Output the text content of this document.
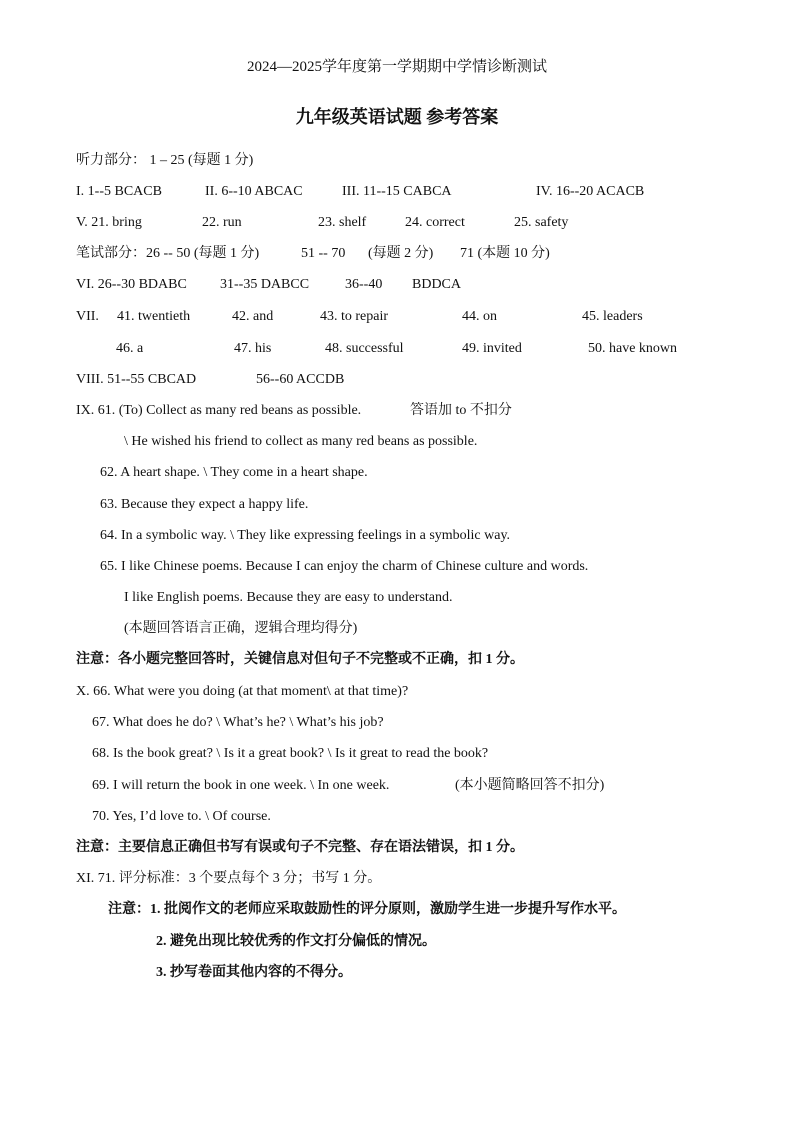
2024—2025学年度第一学期期中学情诊断测试
九年级英语试题 参考答案
听力部分： 1 – 25 (每题 1 分)
I. 1--5 BCACB	II. 6--10 ABCAC	III. 11--15 CABCA	IV. 16--20 ACACB
V. 21. bring	22. run	23. shelf	24. correct	25. safety
笔试部分：26 -- 50 (每题 1 分)	51 -- 70 (每题 2 分) 71 (本题 10 分)
VI. 26--30 BDABC 31--35 DABCC	36--40 BDDCA
VII. 41. twentieth	42. and	43. to repair	44. on	45. leaders
46. a	47. his	48. successful	49. invited	50. have known
VIII. 51--55 CBCAD	56--60 ACCDB
IX. 61. (To) Collect as many red beans as possible.	答语加 to 不扣分
\ He wished his friend to collect as many red beans as possible.
62. A heart shape. \ They come in a heart shape.
63. Because they expect a happy life.
64. In a symbolic way. \ They like expressing feelings in a symbolic way.
65. I like Chinese poems. Because I can enjoy the charm of Chinese culture and words.
I like English poems. Because they are easy to understand.
(本题回答语言正确，逻辑合理均得分)
注意：各小题完整回答时，关键信息对但句子不完整或不正确，扣 1 分。
X. 66. What were you doing (at that moment\ at that time)?
67. What does he do? \ What’s he? \ What’s his job?
68. Is the book great? \ Is it a great book? \ Is it great to read the book?
69. I will return the book in one week. \ In one week.	(本小题简略回答不扣分)
70. Yes, I’d love to. \ Of course.
注意：主要信息正确但书写有误或句子不完整、存在语法错误，扣 1 分。
XI. 71. 评分标准：3 个要点每个 3 分；书写 1 分。
注意：1. 批阅作文的老师应采取鼓励性的评分原则，激励学生进一步提升写作水平。
2. 避免出现比较优秀的作文打分偏低的情况。
3. 抄写卷面其他内容的不得分。
